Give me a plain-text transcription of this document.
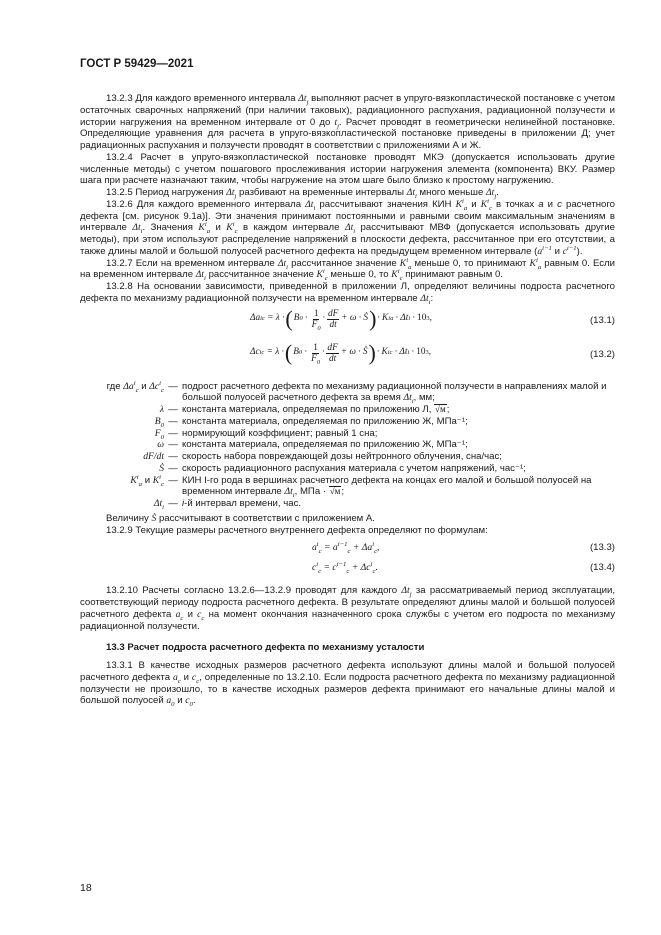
ГОСТ Р 59429—2021

13.2.3 Для каждого временного интервала $\Delta t_j$ выполняют расчет в упруго-вязкопластической постановке с учетом остаточных сварочных напряжений (при наличии таковых), радиационного распухания, радиационной ползучести и истории нагружения на временном интервале от 0 до $t_j$. Расчет проводят в геометрически нелинейной постановке. Определяющие уравнения для расчета в упруго-вязкопластической постановке приведены в приложении Д; учет радиационных распухания и ползучести проводят в соответствии с приложениями А и Ж.

13.2.4 Расчет в упруго-вязкопластической постановке проводят МКЭ (допускается использовать другие численные методы) с учетом пошагового прослеживания истории нагружения элемента (компонента) ВКУ. Размер шага при расчете назначают таким, чтобы нагружение на этом шаге было близко к простому нагружению.

13.2.5 Период нагружения $\Delta t_j$ разбивают на временные интервалы $\Delta t_i$ много меньше $\Delta t_j$.

13.2.6 Для каждого временного интервала $\Delta t_i$ рассчитывают значения КИН $K^i_a$ и $K^i_c$ в точках a и c расчетного дефекта [см. рисунок 9.1а)]. Эти значения принимают постоянными и равными своим максимальным значениям в интервале $\Delta t_i$. Значения $K^i_a$ и $K^i_c$ в каждом интервале $\Delta t_i$ рассчитывают МВФ (допускается использовать другие методы), при этом используют распределение напряжений в плоскости дефекта, рассчитанное при его отсутствии, а также длины малой и большой полуосей расчетного дефекта на предыдущем временном интервале ($a^{i-1}$ и $c^{i-1}$).

13.2.7 Если на временном интервале $\Delta t_i$ рассчитанное значение $K^i_a$ меньше 0, то принимают $K^i_a$ равным 0. Если на временном интервале $\Delta t_i$ рассчитанное значение $K^i_c$ меньше 0, то $K^i_c$ принимают равным 0.

13.2.8 На основании зависимости, приведенной в приложении Л, определяют величины подроста расчетного дефекта по механизму радиационной ползучести на временном интервале $\Delta t_i$:

Δa i c = λ · ( B $0 \cdot \frac{1}{F_0} \cdot \frac{dF}{dt} + \omega$ · Ṡ ) · K i a · Δt i · 10 3 ,	(13.1)
Δc i c = λ · ( B $0 \cdot \frac{1}{F_0} \cdot \frac{dF}{dt} + \omega$ · Ṡ ) · K i c · Δt i · 10 3 ,	(13.2)
где $\Delta a^i_c$ и $\Delta c^i_c$ — подрост расчетного дефекта по механизму радиационной ползучести в направлениях малой и большой полуосей расчетного дефекта за время $\Delta t_i$, мм;
λ — константа материала, определяемая по приложению Л, √м;
$B_0$ — константа материала, определяемая по приложению Ж, МПа⁻¹;
$F_0$ — нормирующий коэффициент; равный 1 сна;
ω — константа материала, определяемая по приложению Ж, МПа⁻¹;
dF/dt — скорость набора повреждающей дозы нейтронного облучения, сна/час;
Ṡ — скорость радиационного распухания материала с учетом напряжений, час⁻¹;
$K^i_a$ и $K^i_c$ — КИН I-го рода в вершинах расчетного дефекта на концах его малой и большой полуосей на временном интервале $\Delta t_i$, МПа · √м;
$\Delta t_i$ — i-й интервал времени, час.

Величину Ṡ рассчитывают в соответствии с приложением А.

13.2.9 Текущие размеры расчетного внутреннего дефекта определяют по формулам:

$a^i_c = a^{i-1}_c + \Delta a^i_c$,	(13.3)
$c^i_c = c^{i-1}_c + \Delta c^i_c$.	(13.4)

13.2.10 Расчеты согласно 13.2.6—13.2.9 проводят для каждого $\Delta t_j$ за рассматриваемый период эксплуатации, соответствующий периоду подроста расчетного дефекта. В результате определяют длины малой и большой полуосей расчетного дефекта $a_c$ и $c_c$ на момент окончания назначенного срока службы с учетом его подроста по механизму радиационной ползучести.

13.3 Расчет подроста расчетного дефекта по механизму усталости

13.3.1 В качестве исходных размеров расчетного дефекта используют длины малой и большой полуосей расчетного дефекта $a_c$ и $c_c$, определенные по 13.2.10. Если подроста расчетного дефекта по механизму радиационной ползучести не произошло, то в качестве исходных размеров дефекта принимают его начальные длины малой и большой полуосей $a_0$ и $c_0$.

18
